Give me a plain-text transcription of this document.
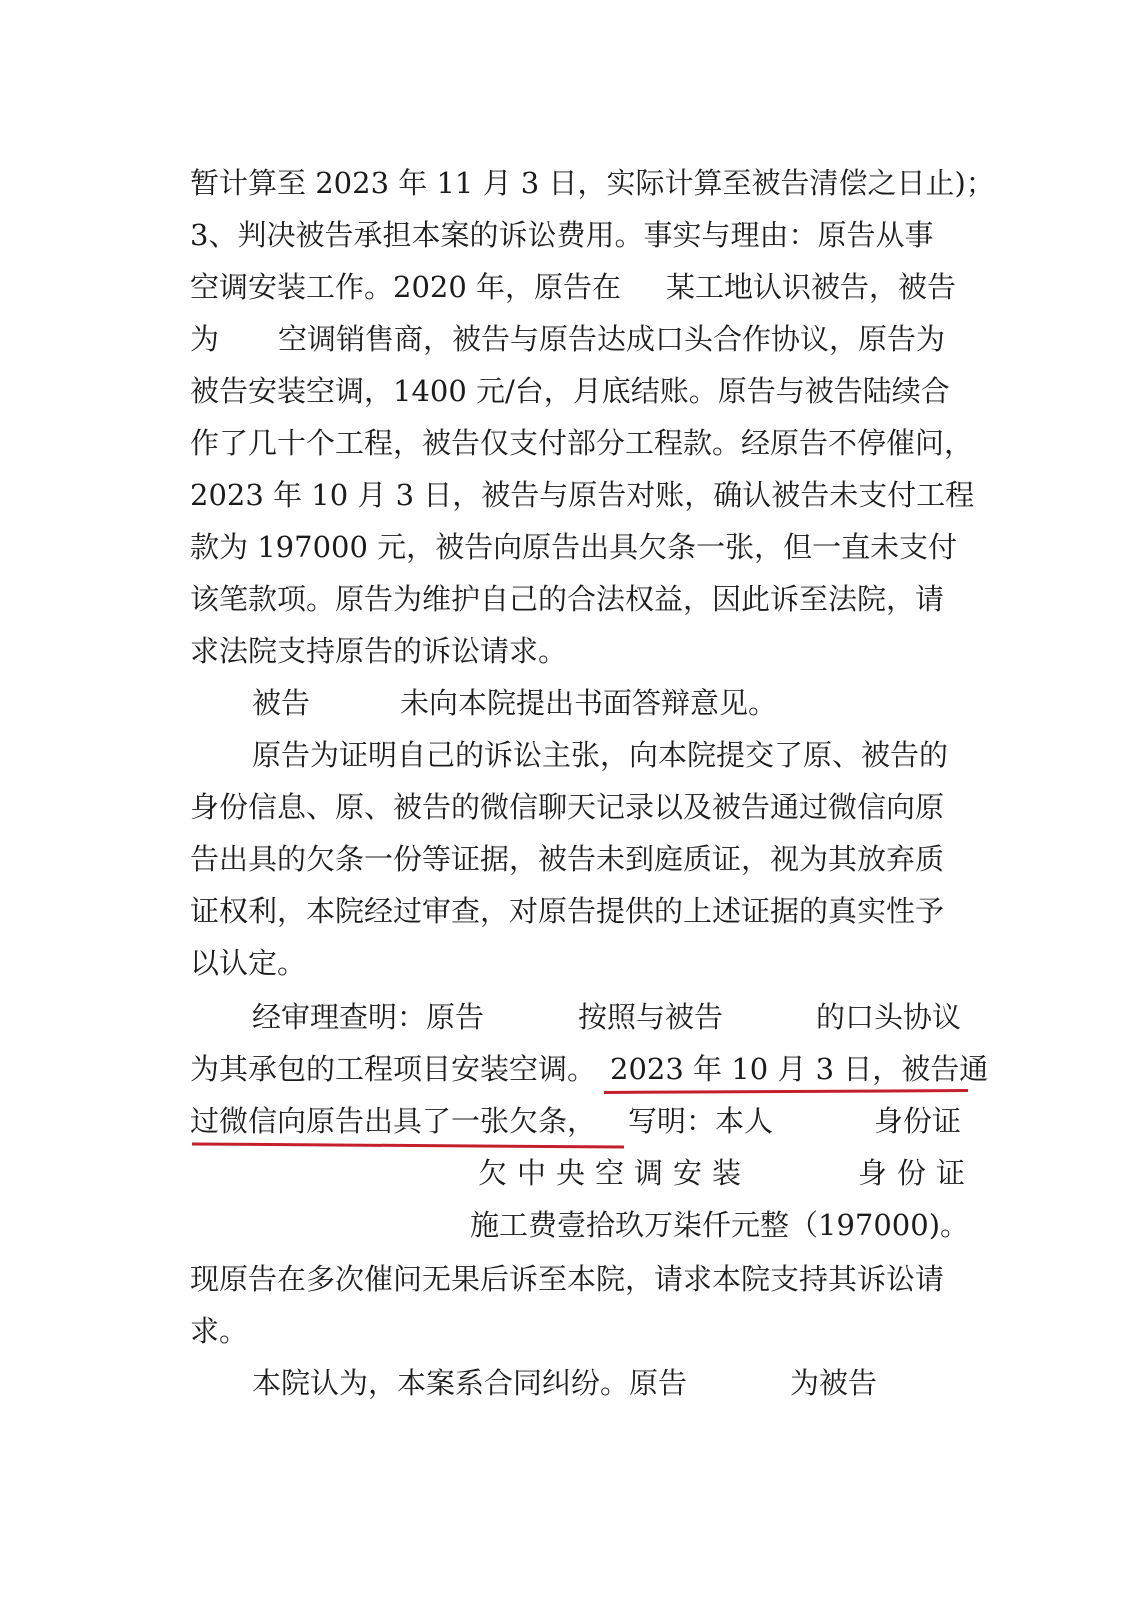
暂计算至 2023 年 11 月 3 日，实际计算至被告清偿之日止)；
3、判决被告承担本案的诉讼费用。事实与理由：原告从事
空调安装工作。2020 年，原告在 某工地认识被告，被告
为 空调销售商，被告与原告达成口头合作协议，原告为
被告安装空调，1400 元/台，月底结账。原告与被告陆续合
作了几十个工程，被告仅支付部分工程款。经原告不停催问，
2023 年 10 月 3 日，被告与原告对账，确认被告未支付工程
款为 197000 元，被告向原告出具欠条一张，但一直未支付
该笔款项。原告为维护自己的合法权益，因此诉至法院，请
求法院支持原告的诉讼请求。
被告	未向本院提出书面答辩意见。
原告为证明自己的诉讼主张，向本院提交了原、被告的
身份信息、原、被告的微信聊天记录以及被告通过微信向原
告出具的欠条一份等证据，被告未到庭质证，视为其放弃质
证权利，本院经过审查，对原告提供的上述证据的真实性予
以认定。
经审理查明：原告	按照与被告	的口头协议
为其承包的工程项目安装空调。 2023 年 10 月 3 日，被告通
过微信向原告出具了一张欠条， 写明：本人	身份证
欠中央空调安装	身份证
施工费壹拾玖万柒仟元整（197000)。
现原告在多次催问无果后诉至本院，请求本院支持其诉讼请
求。
本院认为，本案系合同纠纷。原告	为被告
